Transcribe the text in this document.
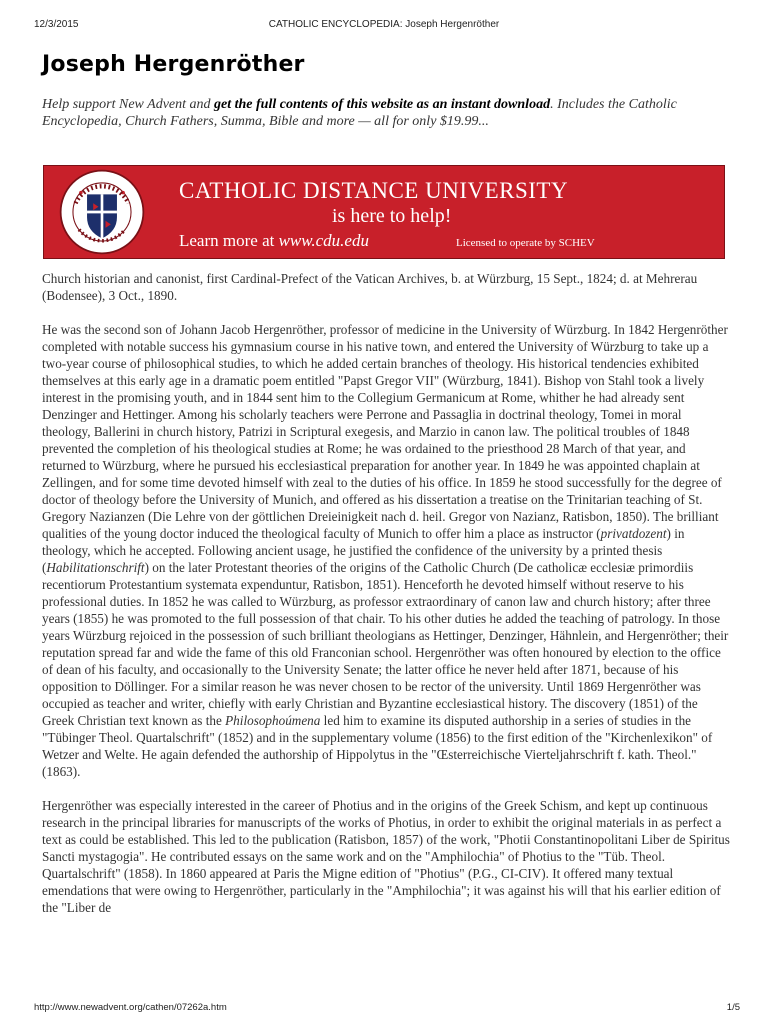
12/3/2015	CATHOLIC ENCYCLOPEDIA: Joseph Hergenröther
Joseph Hergenröther
Help support New Advent and get the full contents of this website as an instant download. Includes the Catholic Encyclopedia, Church Fathers, Summa, Bible and more — all for only $19.99...
CATHOLIC DISTANCE UNIVERSITY
is here to help!
Learn more at www.cdu.edu	Licensed to operate by SCHEV

Church historian and canonist, first Cardinal-Prefect of the Vatican Archives, b. at Würzburg, 15 Sept., 1824; d. at Mehrerau (Bodensee), 3 Oct., 1890.

He was the second son of Johann Jacob Hergenröther, professor of medicine in the University of Würzburg. In 1842 Hergenröther completed with notable success his gymnasium course in his native town, and entered the University of Würzburg to take up a two-year course of philosophical studies, to which he added certain branches of theology. His historical tendencies exhibited themselves at this early age in a dramatic poem entitled "Papst Gregor VII" (Würzburg, 1841). Bishop von Stahl took a lively interest in the promising youth, and in 1844 sent him to the Collegium Germanicum at Rome, whither he had already sent Denzinger and Hettinger. Among his scholarly teachers were Perrone and Passaglia in doctrinal theology, Tomei in moral theology, Ballerini in church history, Patrizi in Scriptural exegesis, and Marzio in canon law. The political troubles of 1848 prevented the completion of his theological studies at Rome; he was ordained to the priesthood 28 March of that year, and returned to Würzburg, where he pursued his ecclesiastical preparation for another year. In 1849 he was appointed chaplain at Zellingen, and for some time devoted himself with zeal to the duties of his office. In 1859 he stood successfully for the degree of doctor of theology before the University of Munich, and offered as his dissertation a treatise on the Trinitarian teaching of St. Gregory Nazianzen (Die Lehre von der göttlichen Dreieinigkeit nach d. heil. Gregor von Nazianz, Ratisbon, 1850). The brilliant qualities of the young doctor induced the theological faculty of Munich to offer him a place as instructor (privatdozent) in theology, which he accepted. Following ancient usage, he justified the confidence of the university by a printed thesis (Habilitationschrift) on the later Protestant theories of the origins of the Catholic Church (De catholicæ ecclesiæ primordiis recentiorum Protestantium systemata expenduntur, Ratisbon, 1851). Henceforth he devoted himself without reserve to his professional duties. In 1852 he was called to Würzburg, as professor extraordinary of canon law and church history; after three years (1855) he was promoted to the full possession of that chair. To his other duties he added the teaching of patrology. In those years Würzburg rejoiced in the possession of such brilliant theologians as Hettinger, Denzinger, Hähnlein, and Hergenröther; their reputation spread far and wide the fame of this old Franconian school. Hergenröther was often honoured by election to the office of dean of his faculty, and occasionally to the University Senate; the latter office he never held after 1871, because of his opposition to Döllinger. For a similar reason he was never chosen to be rector of the university. Until 1869 Hergenröther was occupied as teacher and writer, chiefly with early Christian and Byzantine ecclesiastical history. The discovery (1851) of the Greek Christian text known as the Philosophoúmena led him to examine its disputed authorship in a series of studies in the "Tübinger Theol. Quartalschrift" (1852) and in the supplementary volume (1856) to the first edition of the "Kirchenlexikon" of Wetzer and Welte. He again defended the authorship of Hippolytus in the "Œsterreichische Vierteljahrschrift f. kath. Theol." (1863).

Hergenröther was especially interested in the career of Photius and in the origins of the Greek Schism, and kept up continuous research in the principal libraries for manuscripts of the works of Photius, in order to exhibit the original materials in as perfect a text as could be established. This led to the publication (Ratisbon, 1857) of the work, "Photii Constantinopolitani Liber de Spiritus Sancti mystagogia". He contributed essays on the same work and on the "Amphilochia" of Photius to the "Tüb. Theol. Quartalschrift" (1858). In 1860 appeared at Paris the Migne edition of "Photius" (P.G., CI-CIV). It offered many textual emendations that were owing to Hergenröther, particularly in the "Amphilochia"; it was against his will that his earlier edition of the "Liber de

http://www.newadvent.org/cathen/07262a.htm	1/5
